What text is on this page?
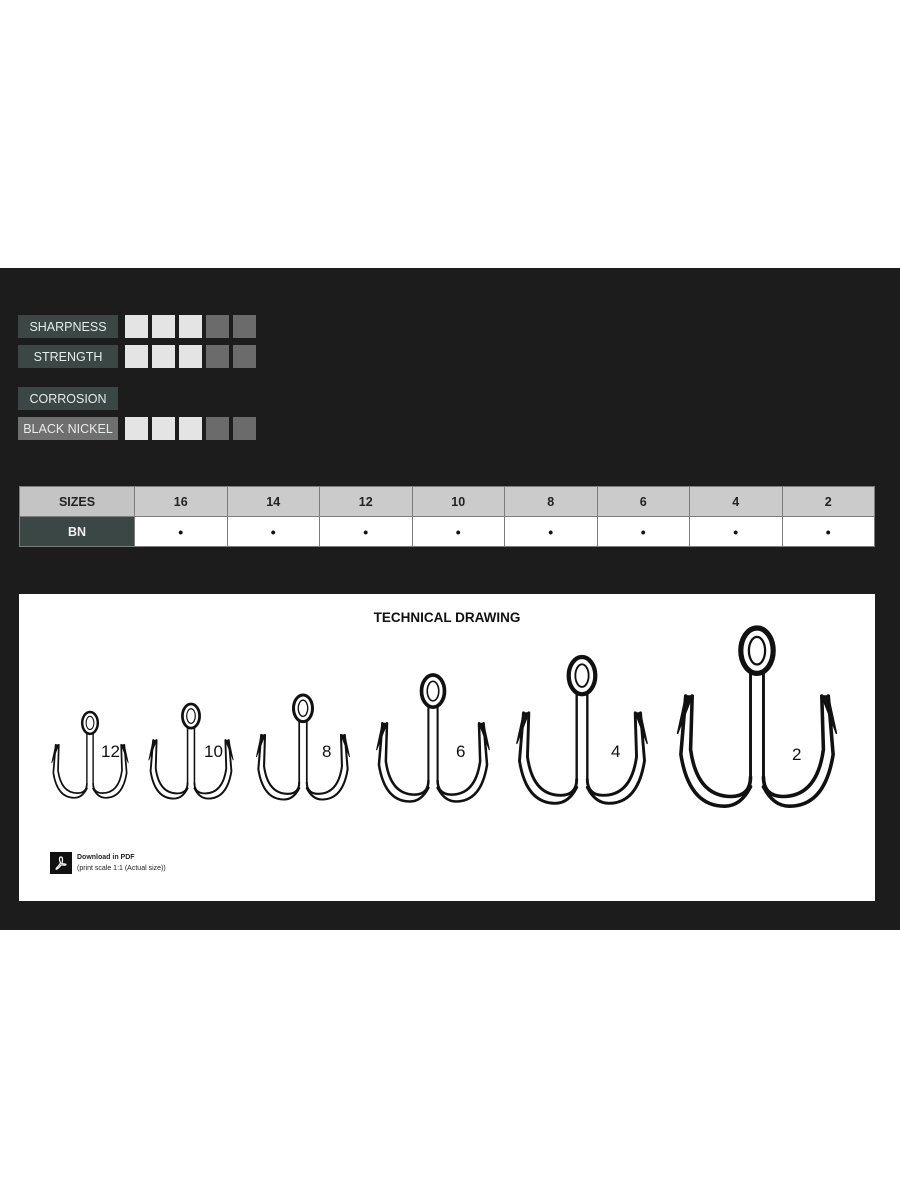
SHARPNESS
STRENGTH
CORROSION
BLACK NICKEL
SIZES	16	14	12	10	8	6	4	2
BN	•	•	•	•	•	•	•	•
TECHNICAL DRAWING
12	10	8	6	4	2
Download in PDF
(print scale 1:1 (Actual size))
